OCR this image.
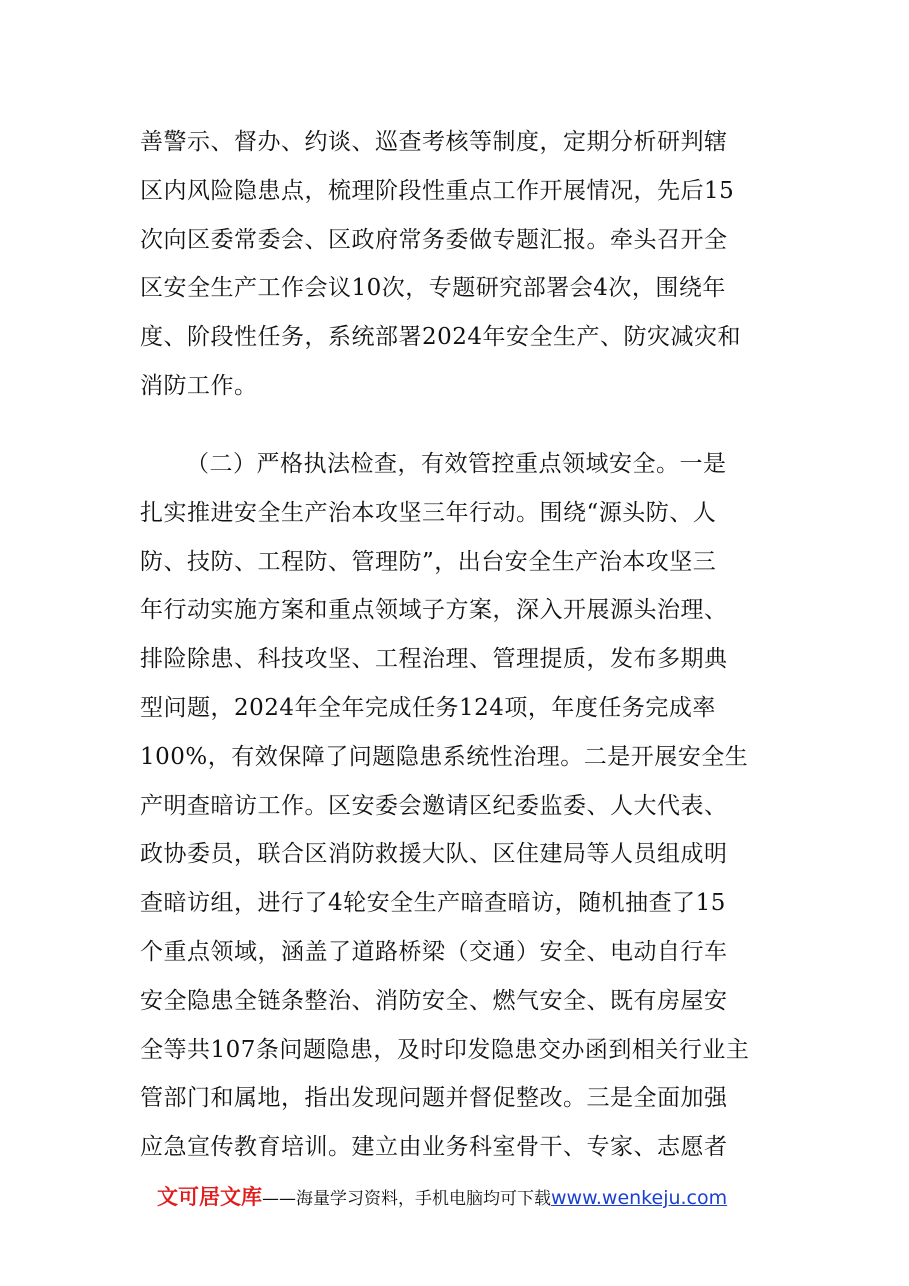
善警示、督办、约谈、巡查考核等制度，定期分析研判辖
区内风险隐患点，梳理阶段性重点工作开展情况，先后15
次向区委常委会、区政府常务委做专题汇报。牵头召开全
区安全生产工作会议10次，专题研究部署会4次，围绕年
度、阶段性任务，系统部署2024年安全生产、防灾减灾和
消防工作。
（二）严格执法检查，有效管控重点领域安全。一是
扎实推进安全生产治本攻坚三年行动。围绕“源头防、人
防、技防、工程防、管理防”，出台安全生产治本攻坚三
年行动实施方案和重点领域子方案，深入开展源头治理、
排险除患、科技攻坚、工程治理、管理提质，发布多期典
型问题，2024年全年完成任务124项，年度任务完成率
100%，有效保障了问题隐患系统性治理。二是开展安全生
产明查暗访工作。区安委会邀请区纪委监委、人大代表、
政协委员，联合区消防救援大队、区住建局等人员组成明
查暗访组，进行了4轮安全生产暗查暗访，随机抽查了15
个重点领域，涵盖了道路桥梁（交通）安全、电动自行车
安全隐患全链条整治、消防安全、燃气安全、既有房屋安
全等共107条问题隐患，及时印发隐患交办函到相关行业主
管部门和属地，指出发现问题并督促整改。三是全面加强
应急宣传教育培训。建立由业务科室骨干、专家、志愿者
文可居文库——海量学习资料，手机电脑均可下载www.wenkeju.com
